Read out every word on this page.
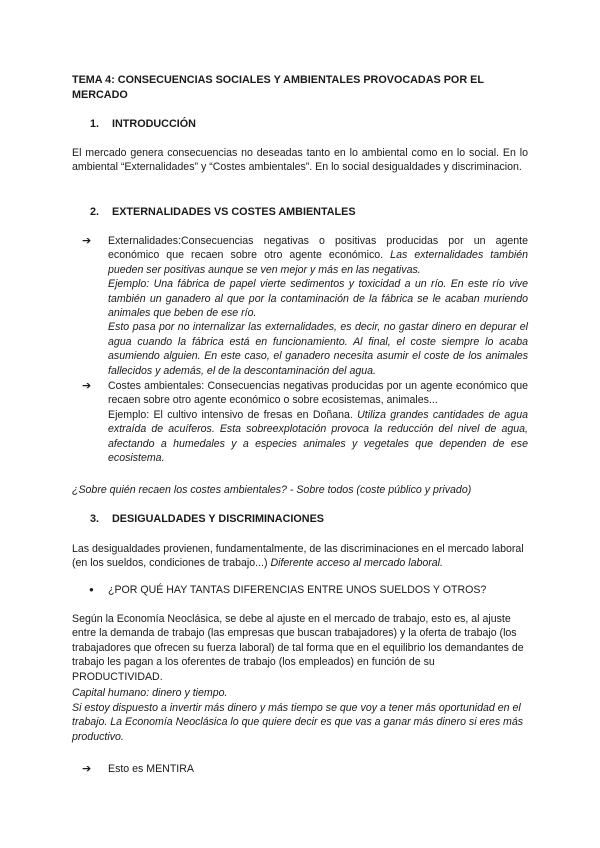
TEMA 4: CONSECUENCIAS SOCIALES Y AMBIENTALES PROVOCADAS POR EL MERCADO

1. INTRODUCCIÓN

El mercado genera consecuencias no deseadas tanto en lo ambiental como en lo social. En lo ambiental “Externalidades” y “Costes ambientales”. En lo social desigualdades y discriminacion.

2. EXTERNALIDADES VS COSTES AMBIENTALES

➔ Externalidades:Consecuencias negativas o positivas producidas por un agente económico que recaen sobre otro agente económico. Las externalidades también pueden ser positivas aunque se ven mejor y más en las negativas.

Ejemplo: Una fábrica de papel vierte sedimentos y toxicidad a un río. En este río vive también un ganadero al que por la contaminación de la fábrica se le acaban muriendo animales que beben de ese río.

Esto pasa por no internalizar las externalidades, es decir, no gastar dinero en depurar el agua cuando la fábrica está en funcionamiento. Al final, el coste siempre lo acaba asumiendo alguien. En este caso, el ganadero necesita asumir el coste de los animales fallecidos y además, el de la descontaminación del agua.

➔ Costes ambientales: Consecuencias negativas producidas por un agente económico que recaen sobre otro agente económico o sobre ecosistemas, animales...

Ejemplo: El cultivo intensivo de fresas en Doñana. Utiliza grandes cantidades de agua extraída de acuíferos. Esta sobreexplotación provoca la reducción del nivel de agua, afectando a humedales y a especies animales y vegetales que dependen de ese ecosistema.

¿Sobre quién recaen los costes ambientales? - Sobre todos (coste público y privado)

3. DESIGUALDADES Y DISCRIMINACIONES

Las desigualdades provienen, fundamentalmente, de las discriminaciones en el mercado laboral (en los sueldos, condiciones de trabajo...) Diferente acceso al mercado laboral.

● ¿POR QUÉ HAY TANTAS DIFERENCIAS ENTRE UNOS SUELDOS Y OTROS?

Según la Economía Neoclásica, se debe al ajuste en el mercado de trabajo, esto es, al ajuste entre la demanda de trabajo (las empresas que buscan trabajadores) y la oferta de trabajo (los trabajadores que ofrecen su fuerza laboral) de tal forma que en el equilibrio los demandantes de trabajo les pagan a los oferentes de trabajo (los empleados) en función de su PRODUCTIVIDAD.

Capital humano: dinero y tiempo.

Si estoy dispuesto a invertir más dinero y más tiempo se que voy a tener más oportunidad en el trabajo. La Economía Neoclásica lo que quiere decir es que vas a ganar más dinero si eres más productivo.

➔ Esto es MENTIRA
